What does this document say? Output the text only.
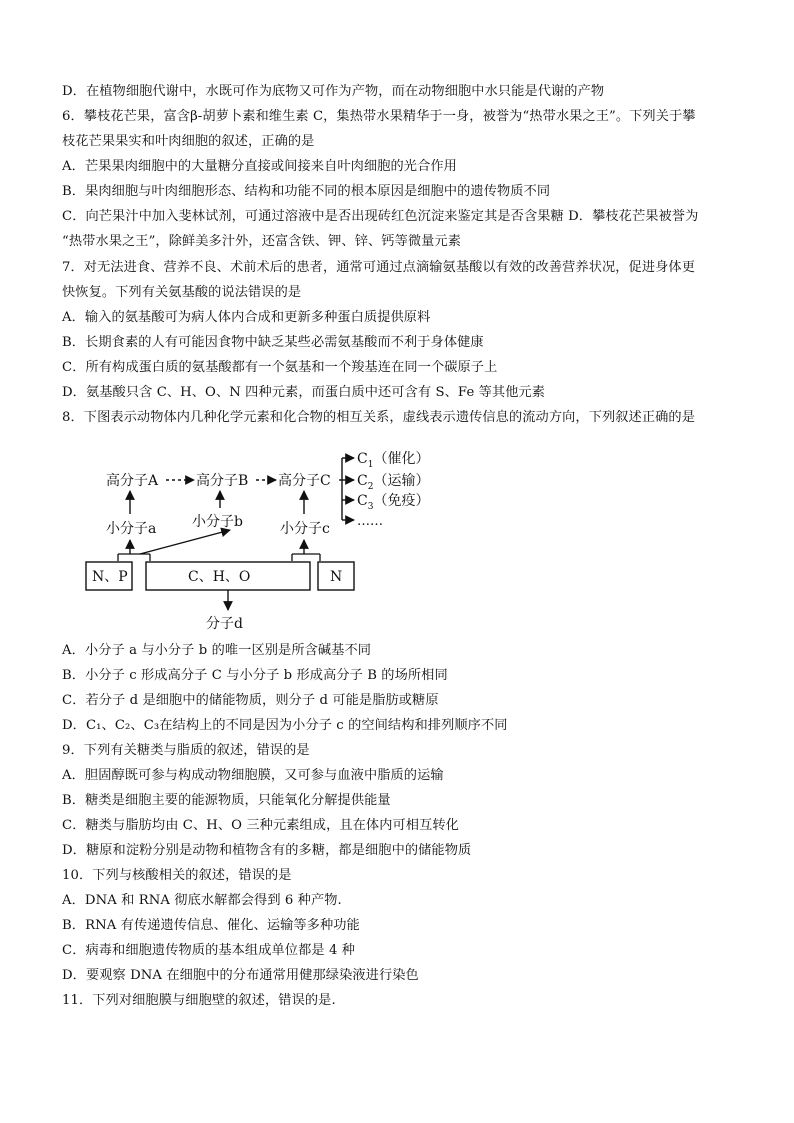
D．在植物细胞代谢中，水既可作为底物又可作为产物，而在动物细胞中水只能是代谢的产物
6．攀枝花芒果，富含β-胡萝卜素和维生素 C，集热带水果精华于一身，被誉为“热带水果之王”。下列关于攀
枝花芒果果实和叶肉细胞的叙述，正确的是
A．芒果果肉细胞中的大量糖分直接或间接来自叶肉细胞的光合作用
B．果肉细胞与叶肉细胞形态、结构和功能不同的根本原因是细胞中的遗传物质不同
C．向芒果汁中加入斐林试剂，可通过溶液中是否出现砖红色沉淀来鉴定其是否含果糖 D．攀枝花芒果被誉为
“热带水果之王”，除鲜美多汁外，还富含铁、钾、锌、钙等微量元素
7．对无法进食、营养不良、术前术后的患者，通常可通过点滴输氨基酸以有效的改善营养状况，促进身体更
快恢复。下列有关氨基酸的说法错误的是
A．输入的氨基酸可为病人体内合成和更新多种蛋白质提供原料
B．长期食素的人有可能因食物中缺乏某些必需氨基酸而不利于身体健康
C．所有构成蛋白质的氨基酸都有一个氨基和一个羧基连在同一个碳原子上
D．氨基酸只含 C、H、O、N 四种元素，而蛋白质中还可含有 S、Fe 等其他元素
8．下图表示动物体内几种化学元素和化合物的相互关系，虚线表示遗传信息的流动方向，下列叙述正确的是
A．小分子 a 与小分子 b 的唯一区别是所含碱基不同
B．小分子 c 形成高分子 C 与小分子 b 形成高分子 B 的场所相同
C．若分子 d 是细胞中的储能物质，则分子 d 可能是脂肪或糖原
D．C₁、C₂、C₃在结构上的不同是因为小分子 c 的空间结构和排列顺序不同
9．下列有关糖类与脂质的叙述，错误的是
A．胆固醇既可参与构成动物细胞膜，又可参与血液中脂质的运输
B．糖类是细胞主要的能源物质，只能氧化分解提供能量
C．糖类与脂肪均由 C、H、O 三种元素组成，且在体内可相互转化
D．糖原和淀粉分别是动物和植物含有的多糖，都是细胞中的储能物质
10．下列与核酸相关的叙述，错误的是
A．DNA 和 RNA 彻底水解都会得到 6 种产物.
B．RNA 有传递遗传信息、催化、运输等多种功能
C．病毒和细胞遗传物质的基本组成单位都是 4 种
D．要观察 DNA 在细胞中的分布通常用健那绿染液进行染色
11．下列对细胞膜与细胞壁的叙述，错误的是.
高分子A	高分子B 高分子C
$C_1$（催化）
$C_2$（运输）
$C_3$（免疫）
……
小分子a	小分子b	小分子c
N、P	C、H、O	N
分子d
